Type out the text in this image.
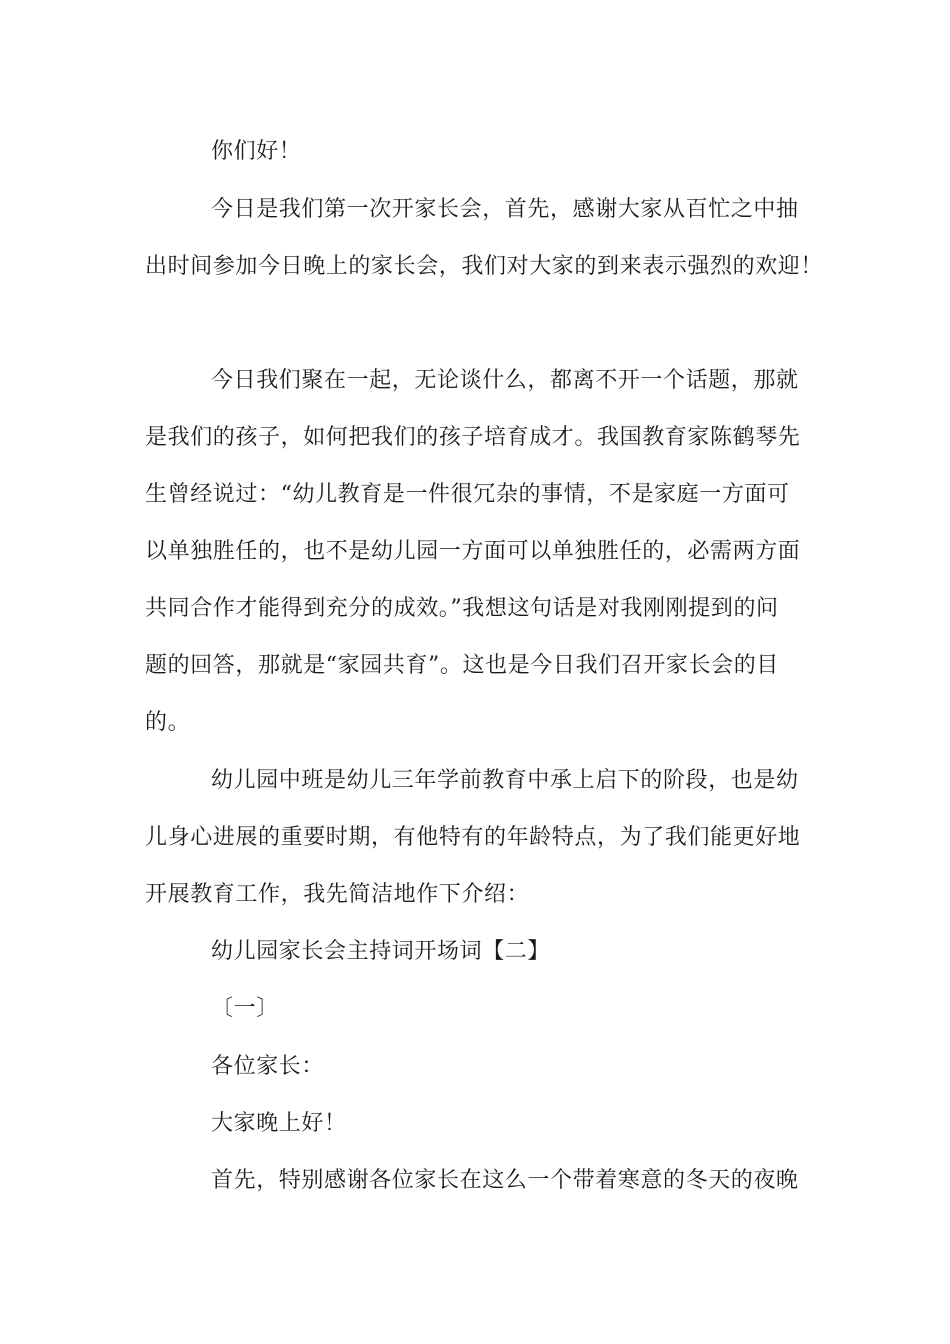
你们好！
今日是我们第一次开家长会，首先，感谢大家从百忙之中抽
出时间参加今日晚上的家长会，我们对大家的到来表示强烈的欢迎！
今日我们聚在一起，无论谈什么，都离不开一个话题，那就
是我们的孩子，如何把我们的孩子培育成才。我国教育家陈鹤琴先
生曾经说过：“幼儿教育是一件很冗杂的事情，不是家庭一方面可
以单独胜任的，也不是幼儿园一方面可以单独胜任的，必需两方面
共同合作才能得到充分的成效。”我想这句话是对我刚刚提到的问
题的回答，那就是“家园共育”。这也是今日我们召开家长会的目
的。
幼儿园中班是幼儿三年学前教育中承上启下的阶段，也是幼
儿身心进展的重要时期，有他特有的年龄特点，为了我们能更好地
开展教育工作，我先简洁地作下介绍：
幼儿园家长会主持词开场词【二】
〔一〕
各位家长：
大家晚上好！
首先，特别感谢各位家长在这么一个带着寒意的冬天的夜晚
